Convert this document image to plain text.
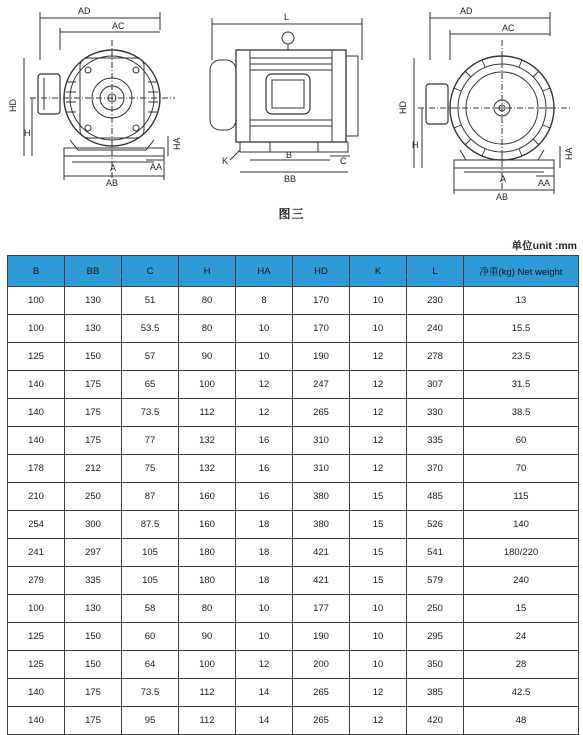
AD
AC
HD
H
HA
A	AA
AB
L
K
B
C
BB
AD
AC
HD
H
HA
A	AA
AB
图三
单位unit :mm
B	BB	C	H	HA	HD	K	L	净重(kg) Net weight
100	130	51	80	8	170	10	230	13
100	130	53.5	80	10	170	10	240	15.5
125	150	57	90	10	190	12	278	23.5
140	175	65	100	12	247	12	307	31.5
140	175	73.5	112	12	265	12	330	38.5
140	175	77	132	16	310	12	335	60
178	212	75	132	16	310	12	370	70
210	250	87	160	16	380	15	485	115
254	300	87.5	160	18	380	15	526	140
241	297	105	180	18	421	15	541	180/220
279	335	105	180	18	421	15	579	240
100	130	58	80	10	177	10	250	15
125	150	60	90	10	190	10	295	24
125	150	64	100	12	200	10	350	28
140	175	73.5	112	14	265	12	385	42.5
140	175	95	112	14	265	12	420	48
